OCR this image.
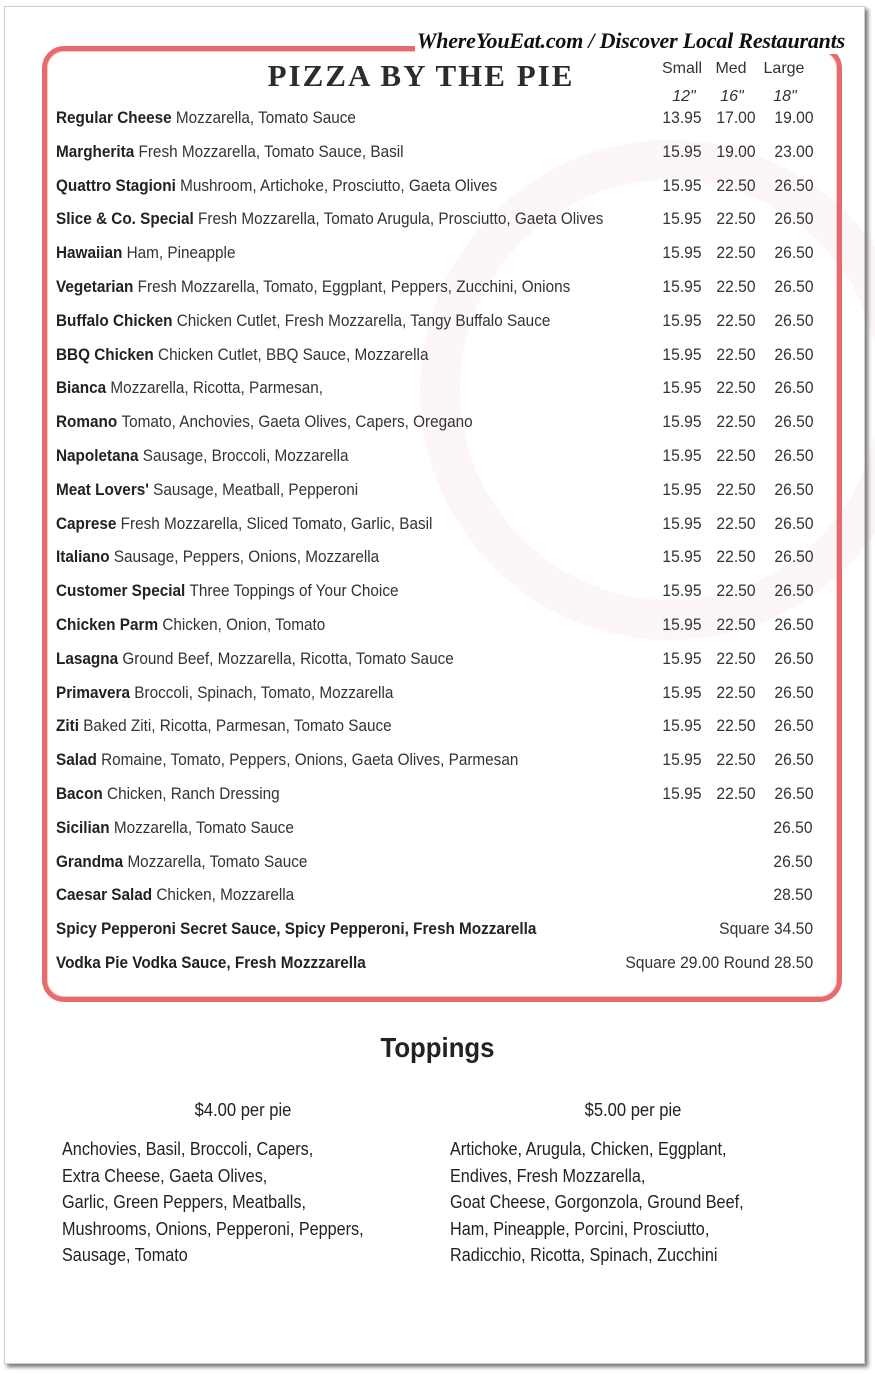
WhereYouEat.com / Discover Local Restaurants
PIZZA BY THE PIE	Small Med	Large
12"	16"	18"
Regular Cheese Mozzarella, Tomato Sauce	13.95 17.00	19.00
Margherita Fresh Mozzarella, Tomato Sauce, Basil	15.95 19.00	23.00
Quattro Stagioni Mushroom, Artichoke, Prosciutto, Gaeta Olives	15.95 22.50	26.50
Slice & Co. Special Fresh Mozzarella, Tomato Arugula, Prosciutto, Gaeta Olives	15.95 22.50	26.50
Hawaiian Ham, Pineapple	15.95 22.50	26.50
Vegetarian Fresh Mozzarella, Tomato, Eggplant, Peppers, Zucchini, Onions	15.95 22.50	26.50
Buffalo Chicken Chicken Cutlet, Fresh Mozzarella, Tangy Buffalo Sauce	15.95 22.50	26.50
BBQ Chicken Chicken Cutlet, BBQ Sauce, Mozzarella	15.95 22.50	26.50
Bianca Mozzarella, Ricotta, Parmesan,	15.95 22.50	26.50
Romano Tomato, Anchovies, Gaeta Olives, Capers, Oregano	15.95 22.50	26.50
Napoletana Sausage, Broccoli, Mozzarella	15.95 22.50	26.50
Meat Lovers' Sausage, Meatball, Pepperoni	15.95 22.50	26.50
Caprese Fresh Mozzarella, Sliced Tomato, Garlic, Basil	15.95 22.50	26.50
Italiano Sausage, Peppers, Onions, Mozzarella	15.95 22.50	26.50
Customer Special Three Toppings of Your Choice	15.95 22.50	26.50
Chicken Parm Chicken, Onion, Tomato	15.95 22.50	26.50
Lasagna Ground Beef, Mozzarella, Ricotta, Tomato Sauce	15.95 22.50	26.50
Primavera Broccoli, Spinach, Tomato, Mozzarella	15.95 22.50	26.50
Ziti Baked Ziti, Ricotta, Parmesan, Tomato Sauce	15.95 22.50	26.50
Salad Romaine, Tomato, Peppers, Onions, Gaeta Olives, Parmesan	15.95 22.50	26.50
Bacon Chicken, Ranch Dressing	15.95 22.50	26.50
Sicilian Mozzarella, Tomato Sauce	26.50
Grandma Mozzarella, Tomato Sauce	26.50
Caesar Salad Chicken, Mozzarella	28.50
Spicy Pepperoni Secret Sauce, Spicy Pepperoni, Fresh Mozzarella	Square 34.50
Vodka Pie Vodka Sauce, Fresh Mozzzarella	Square 29.00 Round 28.50
Toppings
$4.00 per pie	$5.00 per pie
Anchovies, Basil, Broccoli, Capers,
Extra Cheese, Gaeta Olives,
Garlic, Green Peppers, Meatballs,
Mushrooms, Onions, Pepperoni, Peppers,
Sausage, Tomato
Artichoke, Arugula, Chicken, Eggplant,
Endives, Fresh Mozzarella,
Goat Cheese, Gorgonzola, Ground Beef,
Ham, Pineapple, Porcini, Prosciutto,
Radicchio, Ricotta, Spinach, Zucchini
